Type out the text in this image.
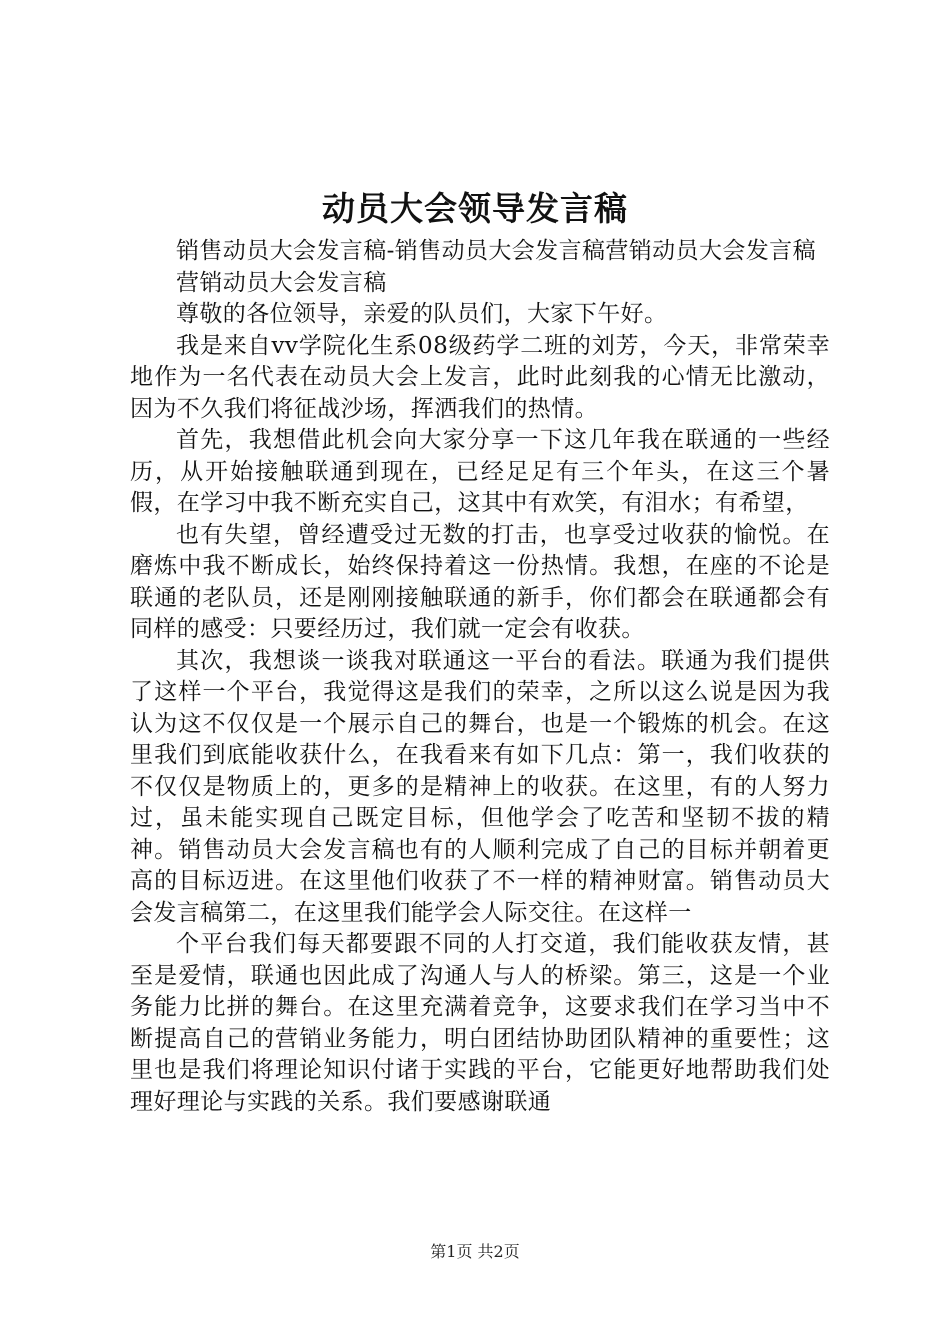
动员大会领导发言稿

销售动员大会发言稿-销售动员大会发言稿营销动员大会发言稿

营销动员大会发言稿

尊敬的各位领导，亲爱的队员们，大家下午好。

我是来自vv学院化生系08级药学二班的刘芳，今天，非常荣幸地作为一名代表在动员大会上发言，此时此刻我的心情无比激动，因为不久我们将征战沙场，挥洒我们的热情。

首先，我想借此机会向大家分享一下这几年我在联通的一些经历，从开始接触联通到现在，已经足足有三个年头，在这三个暑假，在学习中我不断充实自己，这其中有欢笑，有泪水；有希望，

也有失望，曾经遭受过无数的打击，也享受过收获的愉悦。在磨炼中我不断成长，始终保持着这一份热情。我想，在座的不论是联通的老队员，还是刚刚接触联通的新手，你们都会在联通都会有同样的感受：只要经历过，我们就一定会有收获。

其次，我想谈一谈我对联通这一平台的看法。联通为我们提供了这样一个平台，我觉得这是我们的荣幸，之所以这么说是因为我认为这不仅仅是一个展示自己的舞台，也是一个锻炼的机会。在这里我们到底能收获什么，在我看来有如下几点：第一，我们收获的不仅仅是物质上的，更多的是精神上的收获。在这里，有的人努力过，虽未能实现自己既定目标，但他学会了吃苦和坚韧不拔的精神。销售动员大会发言稿也有的人顺利完成了自己的目标并朝着更高的目标迈进。在这里他们收获了不一样的精神财富。销售动员大会发言稿第二，在这里我们能学会人际交往。在这样一

个平台我们每天都要跟不同的人打交道，我们能收获友情，甚至是爱情，联通也因此成了沟通人与人的桥梁。第三，这是一个业务能力比拼的舞台。在这里充满着竞争，这要求我们在学习当中不断提高自己的营销业务能力，明白团结协助团队精神的重要性；这里也是我们将理论知识付诸于实践的平台，它能更好地帮助我们处理好理论与实践的关系。我们要感谢联通

第1页 共2页
